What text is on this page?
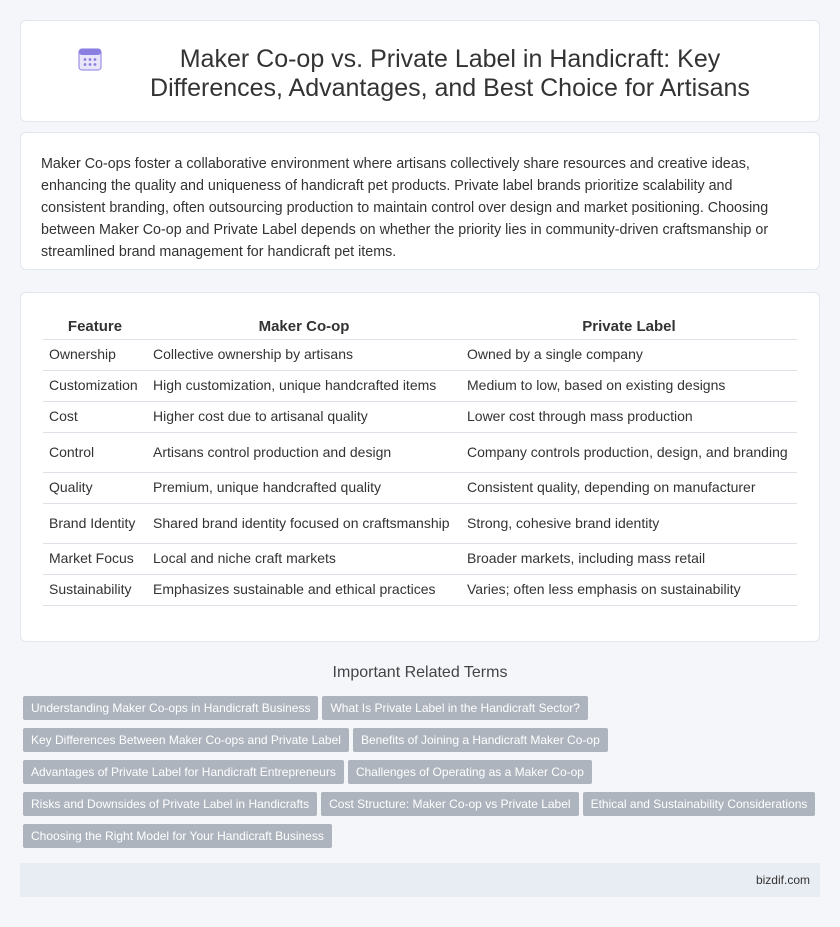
Maker Co-op vs. Private Label in Handicraft: Key Differences, Advantages, and Best Choice for Artisans

Maker Co-ops foster a collaborative environment where artisans collectively share resources and creative ideas, enhancing the quality and uniqueness of handicraft pet products. Private label brands prioritize scalability and consistent branding, often outsourcing production to maintain control over design and market positioning. Choosing between Maker Co-op and Private Label depends on whether the priority lies in community-driven craftsmanship or streamlined brand management for handicraft pet items.

Feature	Maker Co-op	Private Label
Ownership	Collective ownership by artisans	Owned by a single company
Customization	High customization, unique handcrafted items	Medium to low, based on existing designs
Cost	Higher cost due to artisanal quality	Lower cost through mass production
Control	Artisans control production and design	Company controls production, design, and branding
Quality	Premium, unique handcrafted quality	Consistent quality, depending on manufacturer
Brand Identity	Shared brand identity focused on craftsmanship	Strong, cohesive brand identity
Market Focus	Local and niche craft markets	Broader markets, including mass retail
Sustainability	Emphasizes sustainable and ethical practices	Varies; often less emphasis on sustainability
Important Related Terms
Understanding Maker Co-ops in Handicraft Business What Is Private Label in the Handicraft Sector?
Key Differences Between Maker Co-ops and Private Label Benefits of Joining a Handicraft Maker Co-op
Advantages of Private Label for Handicraft Entrepreneurs Challenges of Operating as a Maker Co-op
Risks and Downsides of Private Label in Handicrafts Cost Structure: Maker Co-op vs Private Label Ethical and Sustainability Considerations
Choosing the Right Model for Your Handicraft Business
bizdif.com
